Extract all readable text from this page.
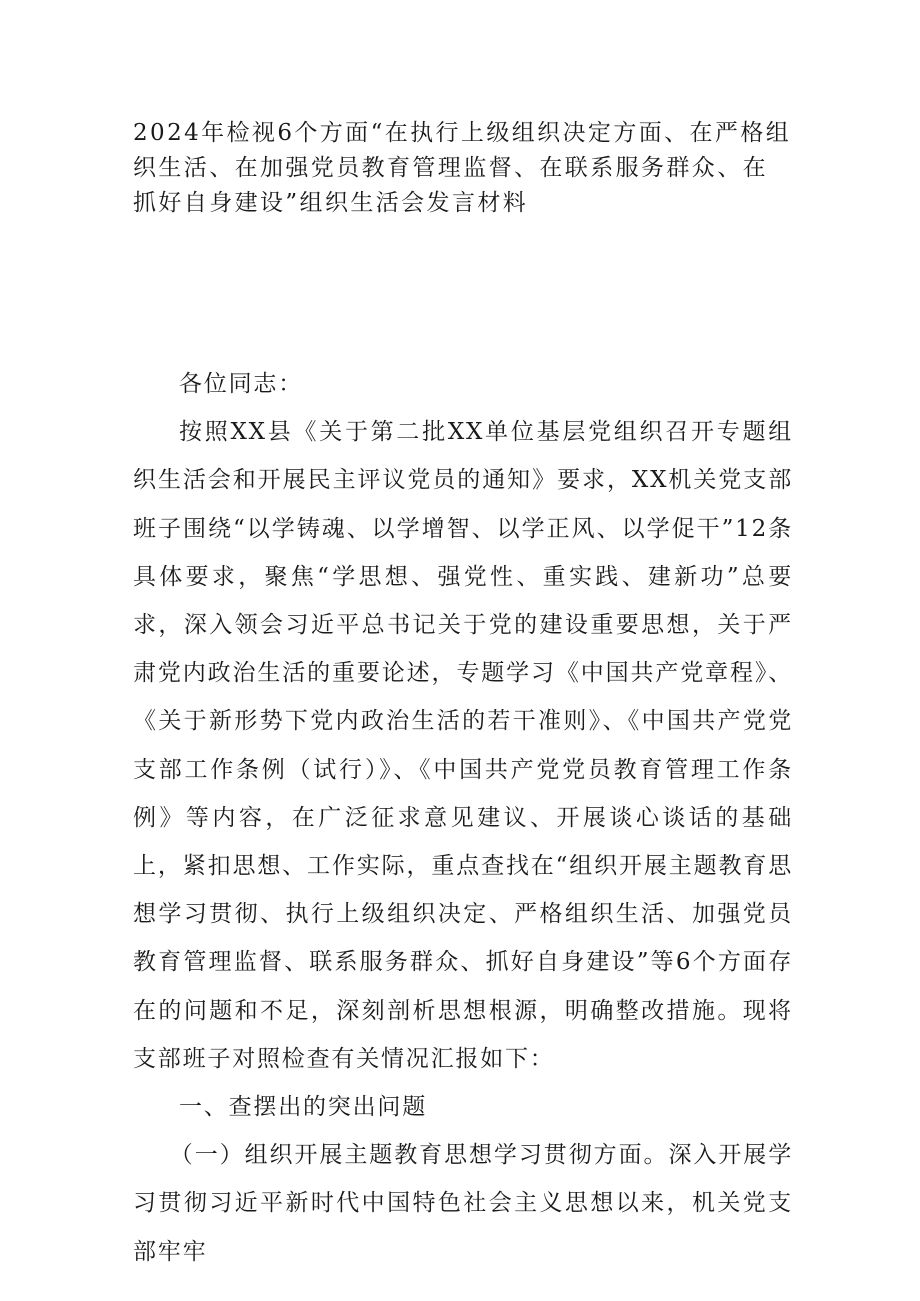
2024年检视6个方面“在执行上级组织决定方面、在严格组织生活、在加强党员教育管理监督、在联系服务群众、在抓好自身建设”组织生活会发言材料

各位同志：

按照XX县《关于第二批XX单位基层党组织召开专题组织生活会和开展民主评议党员的通知》要求，XX机关党支部班子围绕“以学铸魂、以学增智、以学正风、以学促干”12条具体要求，聚焦“学思想、强党性、重实践、建新功”总要求，深入领会习近平总书记关于党的建设重要思想，关于严肃党内政治生活的重要论述，专题学习《中国共产党章程》、《关于新形势下党内政治生活的若干准则》、《中国共产党党支部工作条例（试行）》、《中国共产党党员教育管理工作条例》等内容，在广泛征求意见建议、开展谈心谈话的基础上，紧扣思想、工作实际，重点查找在“组织开展主题教育思想学习贯彻、执行上级组织决定、严格组织生活、加强党员教育管理监督、联系服务群众、抓好自身建设”等6个方面存在的问题和不足，深刻剖析思想根源，明确整改措施。现将支部班子对照检查有关情况汇报如下：

一、查摆出的突出问题

（一）组织开展主题教育思想学习贯彻方面。深入开展学习贯彻习近平新时代中国特色社会主义思想以来，机关党支部牢牢
